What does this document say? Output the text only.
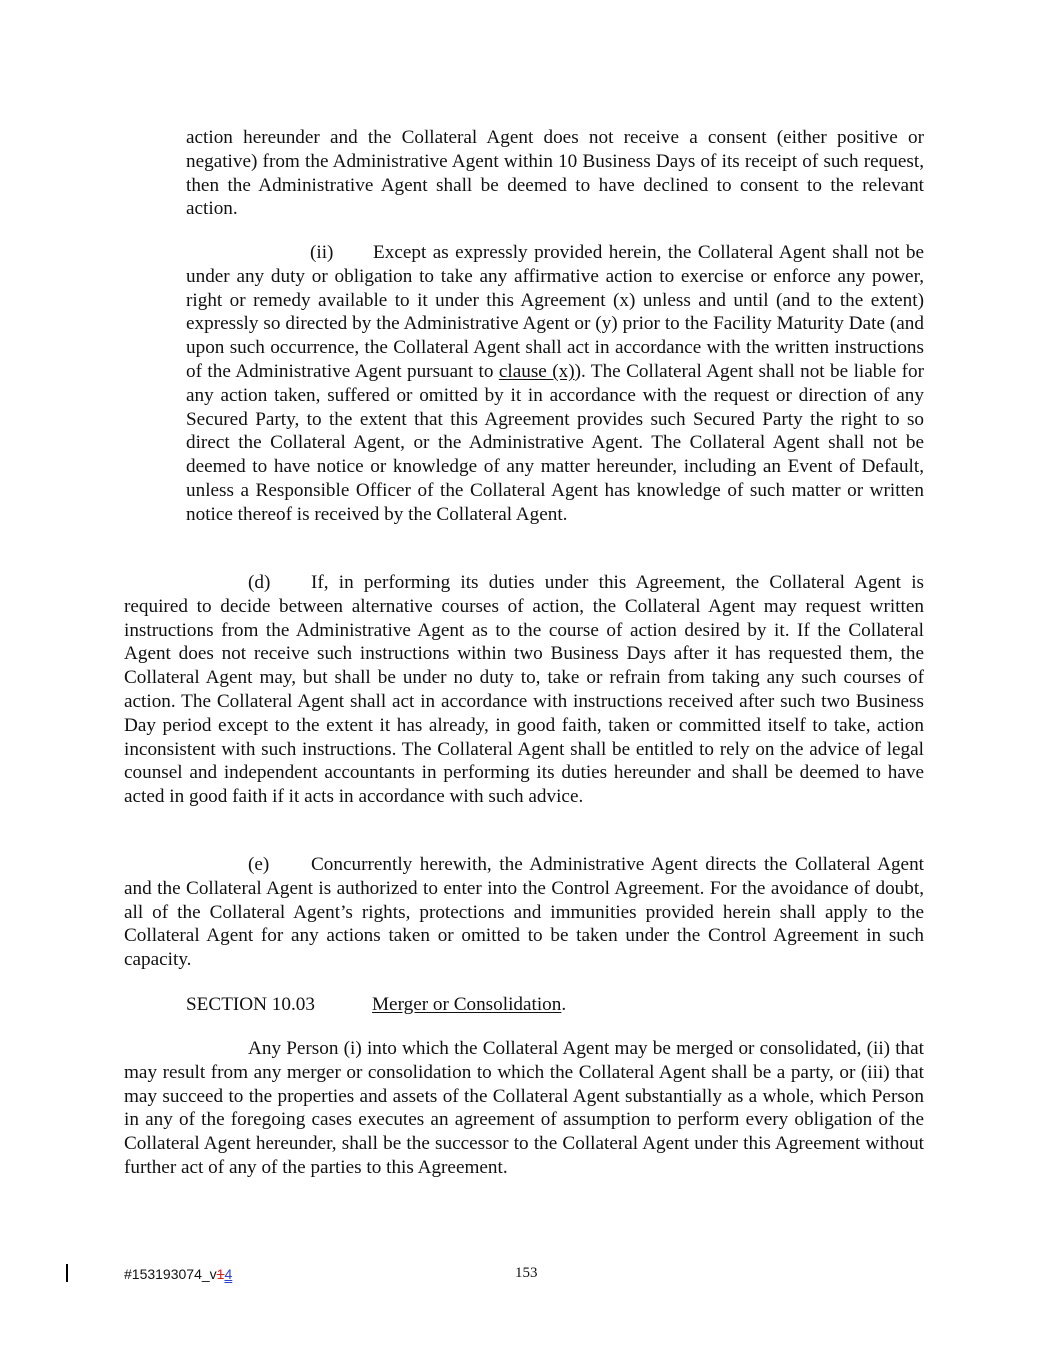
action hereunder and the Collateral Agent does not receive a consent (either positive or negative) from the Administrative Agent within 10 Business Days of its receipt of such request, then the Administrative Agent shall be deemed to have declined to consent to the relevant action.

(ii) Except as expressly provided herein, the Collateral Agent shall not be under any duty or obligation to take any affirmative action to exercise or enforce any power, right or remedy available to it under this Agreement (x) unless and until (and to the extent) expressly so directed by the Administrative Agent or (y) prior to the Facility Maturity Date (and upon such occurrence, the Collateral Agent shall act in accordance with the written instructions of the Administrative Agent pursuant to clause (x)). The Collateral Agent shall not be liable for any action taken, suffered or omitted by it in accordance with the request or direction of any Secured Party, to the extent that this Agreement provides such Secured Party the right to so direct the Collateral Agent, or the Administrative Agent. The Collateral Agent shall not be deemed to have notice or knowledge of any matter hereunder, including an Event of Default, unless a Responsible Officer of the Collateral Agent has knowledge of such matter or written notice thereof is received by the Collateral Agent.

(d) If, in performing its duties under this Agreement, the Collateral Agent is required to decide between alternative courses of action, the Collateral Agent may request written instructions from the Administrative Agent as to the course of action desired by it. If the Collateral Agent does not receive such instructions within two Business Days after it has requested them, the Collateral Agent may, but shall be under no duty to, take or refrain from taking any such courses of action. The Collateral Agent shall act in accordance with instructions received after such two Business Day period except to the extent it has already, in good faith, taken or committed itself to take, action inconsistent with such instructions. The Collateral Agent shall be entitled to rely on the advice of legal counsel and independent accountants in performing its duties hereunder and shall be deemed to have acted in good faith if it acts in accordance with such advice.

(e) Concurrently herewith, the Administrative Agent directs the Collateral Agent and the Collateral Agent is authorized to enter into the Control Agreement. For the avoidance of doubt, all of the Collateral Agent’s rights, protections and immunities provided herein shall apply to the Collateral Agent for any actions taken or omitted to be taken under the Control Agreement in such capacity.

SECTION 10.03	Merger or Consolidation.

Any Person (i) into which the Collateral Agent may be merged or consolidated, (ii) that may result from any merger or consolidation to which the Collateral Agent shall be a party, or (iii) that may succeed to the properties and assets of the Collateral Agent substantially as a whole, which Person in any of the foregoing cases executes an agreement of assumption to perform every obligation of the Collateral Agent hereunder, shall be the successor to the Collateral Agent under this Agreement without further act of any of the parties to this Agreement.

#153193074_v14	153
